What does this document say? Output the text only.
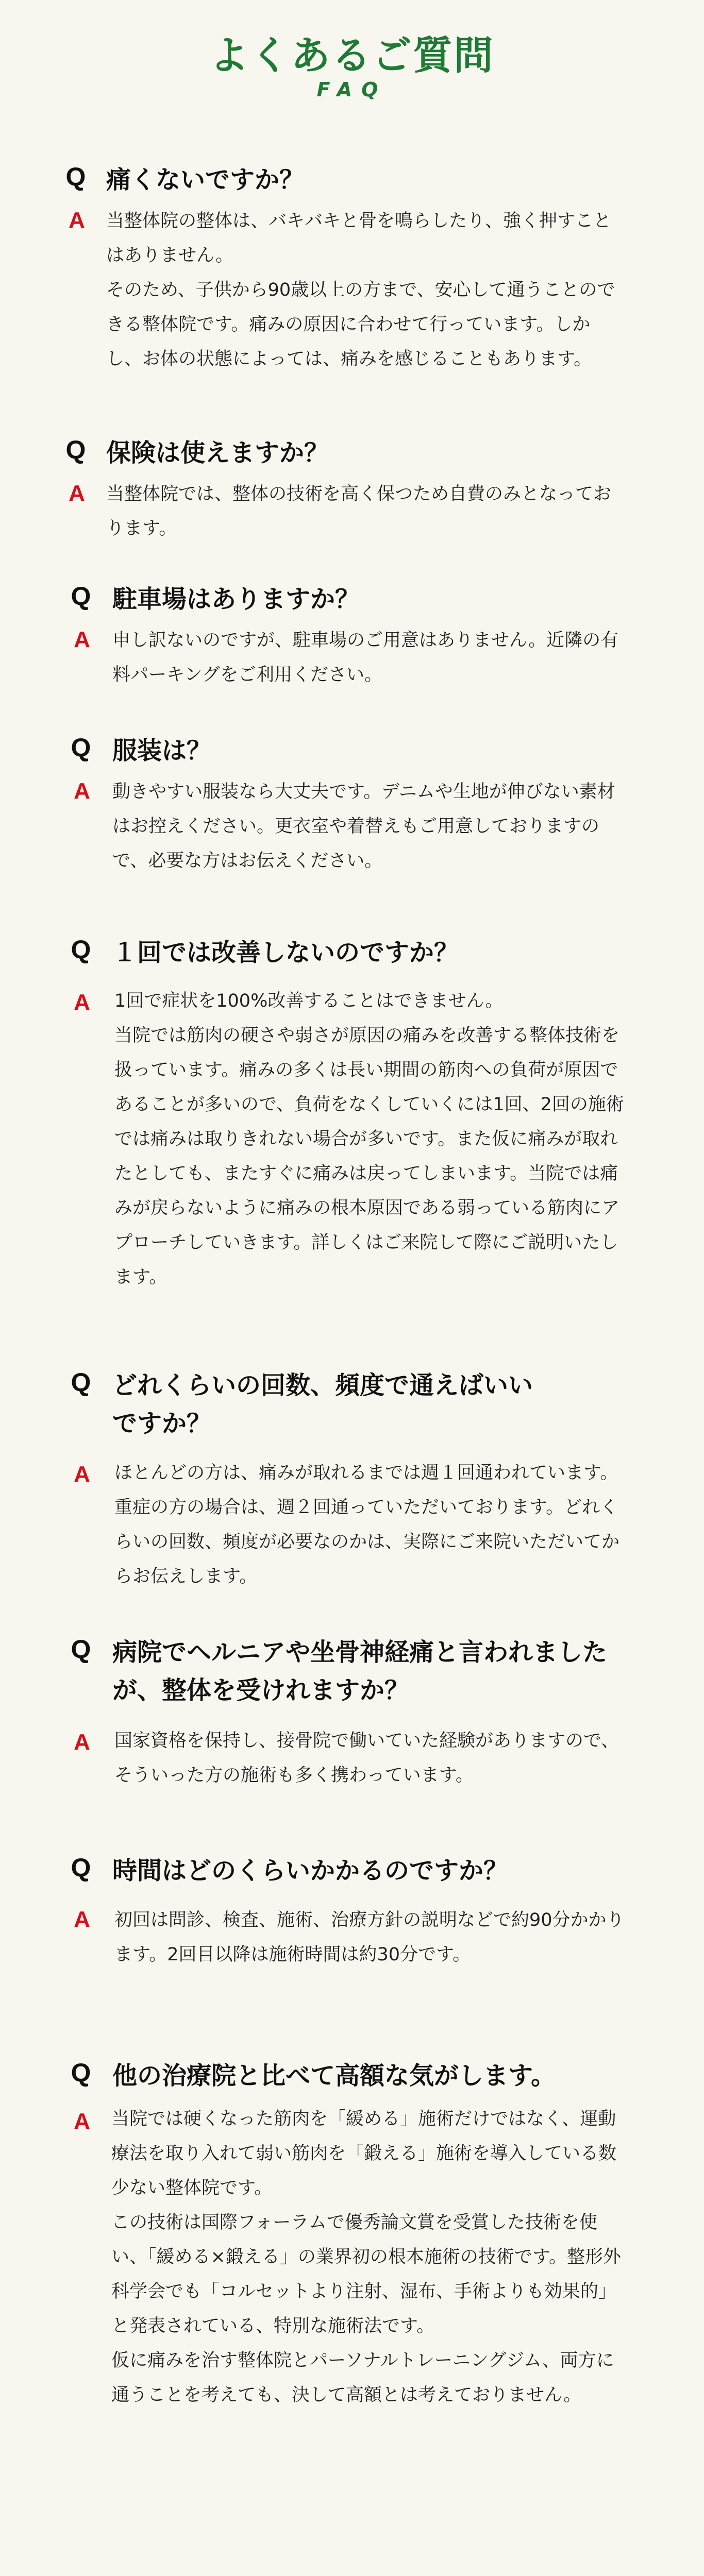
よくあるご質問
FAQ
Q 痛くないですか？
A 当整体院の整体は、バキバキと骨を鳴らしたり、強く押すことはありません。

そのため、子供から90歳以上の方まで、安心して通うことのできる整体院です。痛みの原因に合わせて行っています。しかし、お体の状態によっては、痛みを感じることもあります。

Q 保険は使えますか？
A 当整体院では、整体の技術を高く保つため自費のみとなっております。

Q 駐車場はありますか？
A 申し訳ないのですが、駐車場のご用意はありません。近隣の有料パーキングをご利用ください。

Q 服装は？
A 動きやすい服装なら大丈夫です。デニムや生地が伸びない素材はお控えください。更衣室や着替えもご用意しておりますので、必要な方はお伝えください。

Q １回では改善しないのですか？
A 1回で症状を100%改善することはできません。

当院では筋肉の硬さや弱さが原因の痛みを改善する整体技術を扱っています。痛みの多くは長い期間の筋肉への負荷が原因であることが多いので、負荷をなくしていくには1回、2回の施術では痛みは取りきれない場合が多いです。また仮に痛みが取れたとしても、またすぐに痛みは戻ってしまいます。当院では痛みが戻らないように痛みの根本原因である弱っている筋肉にアプローチしていきます。詳しくはご来院して際にご説明いたします。

Q どれくらいの回数、頻度で通えばいいですか？
A ほとんどの方は、痛みが取れるまでは週１回通われています。重症の方の場合は、週２回通っていただいております。どれくらいの回数、頻度が必要なのかは、実際にご来院いただいてからお伝えします。

Q 病院でヘルニアや坐骨神経痛と言われましたが、整体を受けれますか？
A 国家資格を保持し、接骨院で働いていた経験がありますので、そういった方の施術も多く携わっています。

Q 時間はどのくらいかかるのですか？
A 初回は問診、検査、施術、治療方針の説明などで約90分かかります。2回目以降は施術時間は約30分です。

Q 他の治療院と比べて高額な気がします。
A 当院では硬くなった筋肉を「緩める」施術だけではなく、運動療法を取り入れて弱い筋肉を「鍛える」施術を導入している数少ない整体院です。

この技術は国際フォーラムで優秀論文賞を受賞した技術を使い、「緩める×鍛える」の業界初の根本施術の技術です。整形外科学会でも「コルセットより注射、湿布、手術よりも効果的」と発表されている、特別な施術法です。

仮に痛みを治す整体院とパーソナルトレーニングジム、両方に通うことを考えても、決して高額とは考えておりません。
